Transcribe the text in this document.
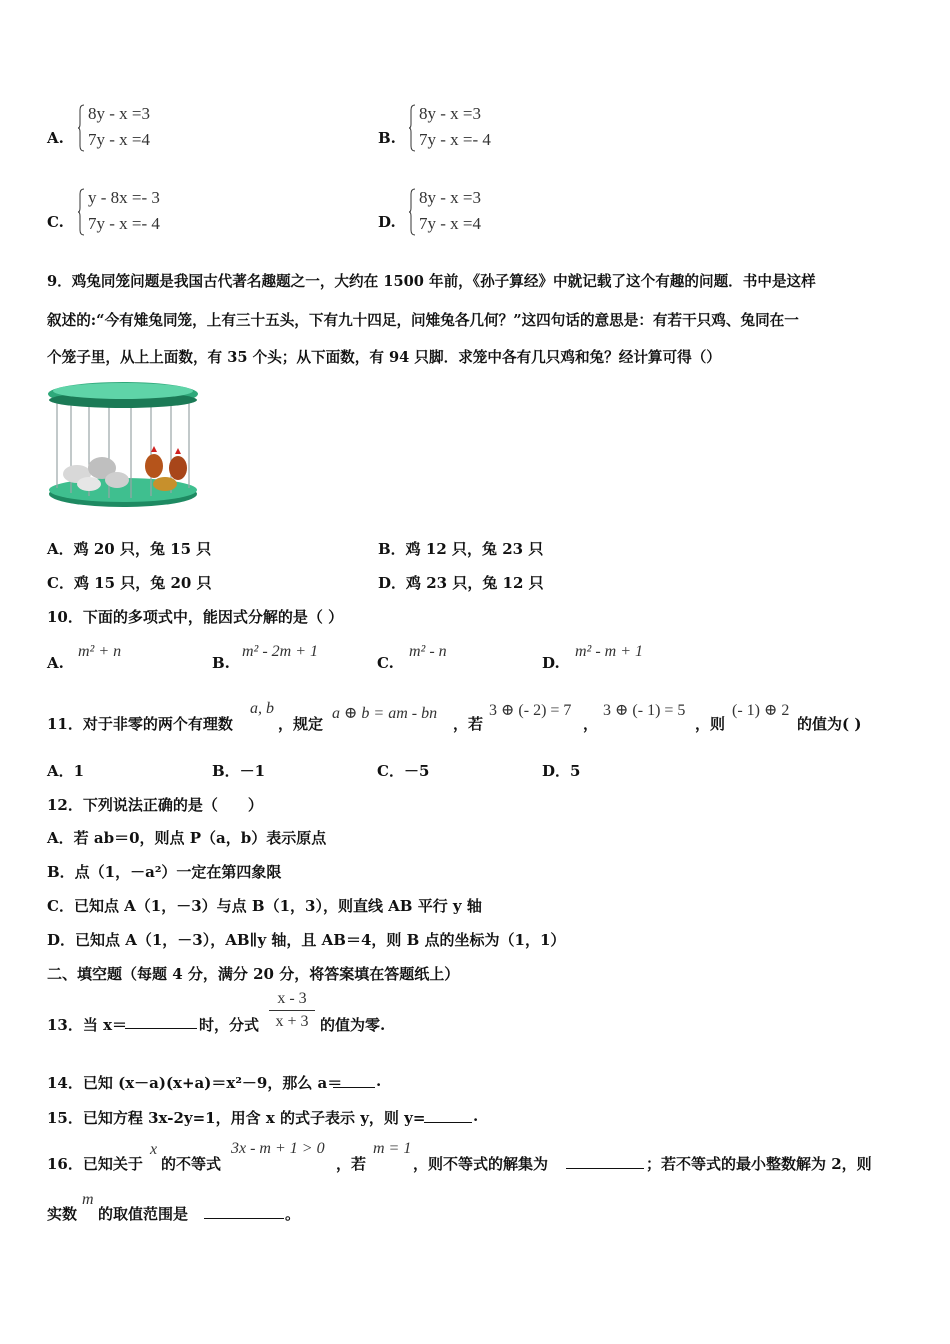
A.
8y - x =3
7y - x =4	B.
8y - x =3
7y - x =- 4
C.
y - 8x =- 3
7y - x =- 4	D.
8y - x =3
7y - x =4
9．鸡兔同笼问题是我国古代著名趣题之一，大约在 1500 年前，《孙子算经》中就记载了这个有趣的问题．书中是这样
叙述的:“今有雉兔同笼，上有三十五头，下有九十四足，问雉兔各几何？”这四句话的意思是：有若干只鸡、兔同在一
个笼子里，从上上面数，有 35 个头；从下面数，有 94 只脚．求笼中各有几只鸡和兔？经计算可得（）
A．鸡 20 只，兔 15 只	B．鸡 12 只，兔 23 只
C．鸡 15 只，兔 20 只	D．鸡 23 只，兔 12 只
10．下面的多项式中，能因式分解的是（ ）
A.
m² + n
B.
m² - 2m + 1
C.
m² - n
D.
m² - m + 1
11．对于非零的两个有理数
a, b
，规定
a ⊕ b = am - bn
，若
3 ⊕ (- 2) = 7
，
3 ⊕ (- 1) = 5
，则
(- 1) ⊕ 2
的值为( )
A．1	B．－1	C．－5	D．5
12．下列说法正确的是（　　）
A．若 ab＝0，则点 P（a，b）表示原点
B．点（1，－a²）一定在第四象限
C．已知点 A（1，－3）与点 B（1，3），则直线 AB 平行 y 轴
D．已知点 A（1，－3），AB∥y 轴，且 AB＝4，则 B 点的坐标为（1，1）
二、填空题（每题 4 分，满分 20 分，将答案填在答题纸上）
13．当 x＝	时，分式 $\frac{x - 3}{x + 3}$ 的值为零.
14．已知 (x－a)(x+a)＝x²－9，那么 a＝ .
15．已知方程 3x-2y=1，用含 x 的式子表示 y，则 y=	.
16．已知关于
x
的不等式
3x - m + 1 > 0
，若
m = 1
，则不等式的解集为	；若不等式的最小整数解为 2，则
实数
m
的取值范围是	。
